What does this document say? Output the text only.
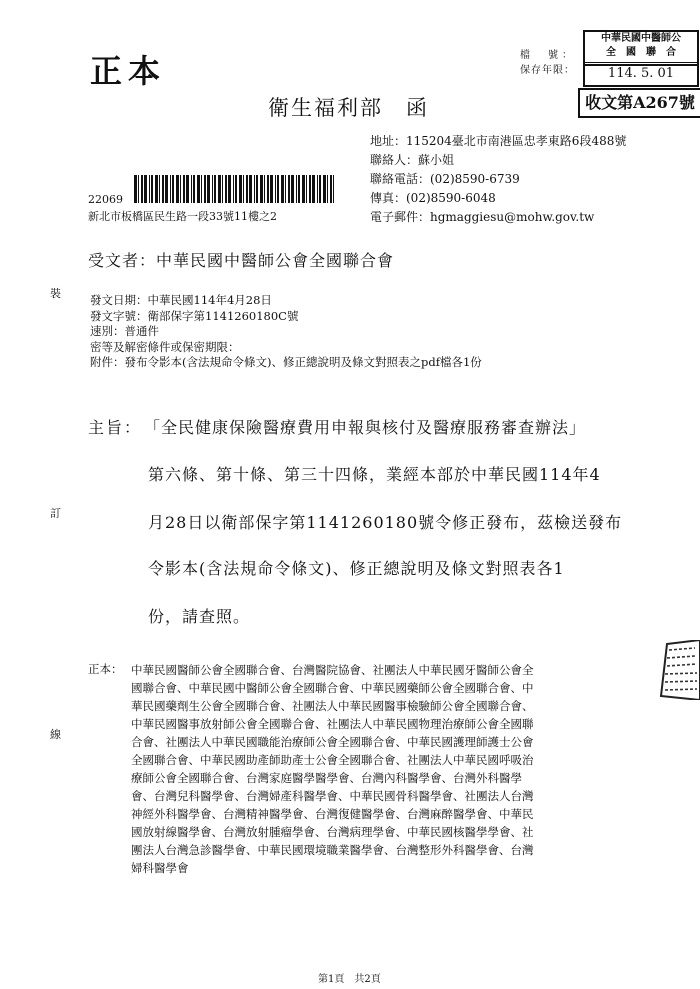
正本
衛生福利部　函
檔　號：
保存年限：
中華民國中醫師公
全　國　聯　合　
114. 5. 01
收文第A267號
地址：115204臺北市南港區忠孝東路6段488號
聯絡人：蘇小姐
聯絡電話：(02)8590-6739
傳真：(02)8590-6048
電子郵件：hgmaggiesu@mohw.gov.tw
22069
新北市板橋區民生路一段33號11樓之2
受文者：中華民國中醫師公會全國聯合會
發文日期：中華民國114年4月28日
發文字號：衛部保字第1141260180C號
速別：普通件
密等及解密條件或保密期限：
附件：發布令影本(含法規命令條文)、修正總說明及條文對照表之pdf檔各1份
主旨： 「全民健康保險醫療費用申報與核付及醫療服務審查辦法」
第六條、第十條、第三十四條，業經本部於中華民國114年4
月28日以衛部保字第1141260180號令修正發布，茲檢送發布
令影本(含法規命令條文)、修正總說明及條文對照表各1
份，請查照。
正本： 中華民國醫師公會全國聯合會、台灣醫院協會、社團法人中華民國牙醫師公會全
國聯合會、中華民國中醫師公會全國聯合會、中華民國藥師公會全國聯合會、中
華民國藥劑生公會全國聯合會、社團法人中華民國醫事檢驗師公會全國聯合會、
中華民國醫事放射師公會全國聯合會、社團法人中華民國物理治療師公會全國聯
合會、社團法人中華民國職能治療師公會全國聯合會、中華民國護理師護士公會
全國聯合會、中華民國助產師助產士公會全國聯合會、社團法人中華民國呼吸治
療師公會全國聯合會、台灣家庭醫學醫學會、台灣內科醫學會、台灣外科醫學
會、台灣兒科醫學會、台灣婦產科醫學會、中華民國骨科醫學會、社團法人台灣
神經外科醫學會、台灣精神醫學會、台灣復健醫學會、台灣麻醉醫學會、中華民
國放射線醫學會、台灣放射腫瘤學會、台灣病理學會、中華民國核醫學學會、社
團法人台灣急診醫學會、中華民國環境職業醫學會、台灣整形外科醫學會、台灣
婦科醫學會
裝
訂
線
第1頁　共2頁
